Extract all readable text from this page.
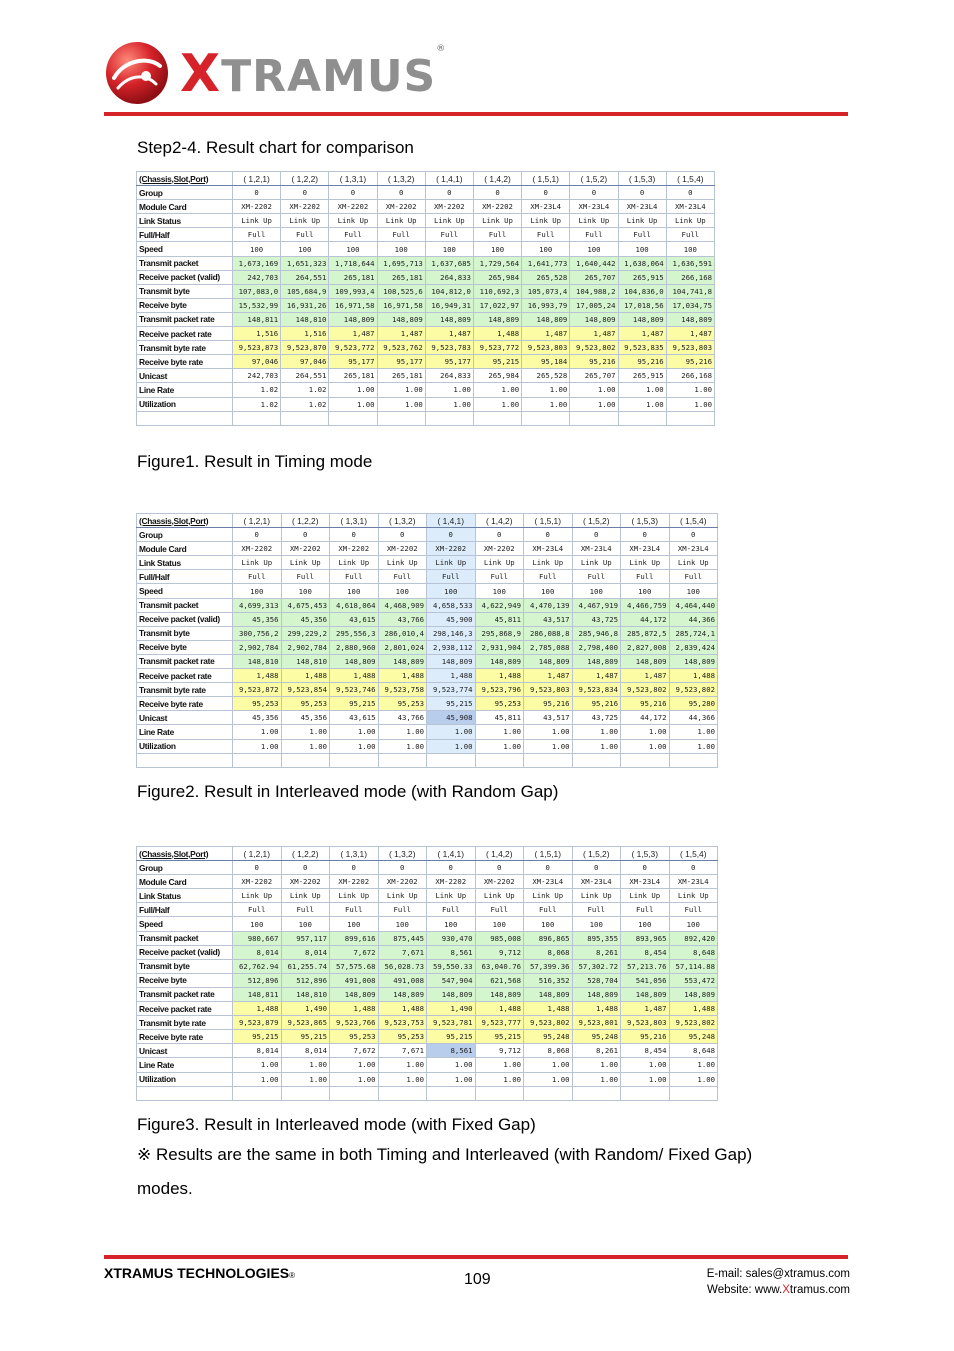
XTRAMUS®
Step2-4. Result chart for comparison
(Chassis,Slot,Port)	( 1,2,1)	( 1,2,2)	( 1,3,1)	( 1,3,2)	( 1,4,1)	( 1,4,2)	( 1,5,1)	( 1,5,2)	( 1,5,3)	( 1,5,4)
Group	0	0	0	0	0	0	0	0	0	0
Module Card	XM-2202	XM-2202	XM-2202	XM-2202	XM-2202	XM-2202	XM-23L4	XM-23L4	XM-23L4	XM-23L4
Link Status	Link Up	Link Up	Link Up	Link Up	Link Up	Link Up	Link Up	Link Up	Link Up	Link Up
Full/Half	Full	Full	Full	Full	Full	Full	Full	Full	Full	Full
Speed	100	100	100	100	100	100	100	100	100	100
Transmit packet	1,673,169	1,651,323	1,718,644	1,695,713	1,637,685	1,729,564	1,641,773	1,640,442	1,638,064	1,636,591
Receive packet (valid)	242,703	264,551	265,181	265,181	264,833	265,984	265,528	265,707	265,915	266,168
Transmit byte	107,083,0	105,684,9	109,993,4	108,525,6	104,812,0	110,692,3	105,073,4	104,988,2	104,836,0	104,741,8
Receive byte	15,532,99	16,931,26	16,971,58	16,971,58	16,949,31	17,022,97	16,993,79	17,005,24	17,018,56	17,034,75
Transmit packet rate	148,811	148,810	148,809	148,809	148,809	148,809	148,809	148,809	148,809	148,809
Receive packet rate	1,516	1,516	1,487	1,487	1,487	1,488	1,487	1,487	1,487	1,487
Transmit byte rate	9,523,873	9,523,870	9,523,772	9,523,762	9,523,783	9,523,772	9,523,803	9,523,802	9,523,835	9,523,803
Receive byte rate	97,046	97,046	95,177	95,177	95,177	95,215	95,184	95,216	95,216	95,216
Unicast	242,703	264,551	265,181	265,181	264,833	265,984	265,528	265,707	265,915	266,168
Line Rate	1.02	1.02	1.00	1.00	1.00	1.00	1.00	1.00	1.00	1.00
Utilization	1.02	1.02	1.00	1.00	1.00	1.00	1.00	1.00	1.00	1.00

Figure1. Result in Timing mode
(Chassis,Slot,Port)	( 1,2,1)	( 1,2,2)	( 1,3,1)	( 1,3,2)	( 1,4,1)	( 1,4,2)	( 1,5,1)	( 1,5,2)	( 1,5,3)	( 1,5,4)
Group	0	0	0	0	0	0	0	0	0	0
Module Card	XM-2202	XM-2202	XM-2202	XM-2202	XM-2202	XM-2202	XM-23L4	XM-23L4	XM-23L4	XM-23L4
Link Status	Link Up	Link Up	Link Up	Link Up	Link Up	Link Up	Link Up	Link Up	Link Up	Link Up
Full/Half	Full	Full	Full	Full	Full	Full	Full	Full	Full	Full
Speed	100	100	100	100	100	100	100	100	100	100
Transmit packet	4,699,313	4,675,453	4,618,064	4,468,909	4,658,533	4,622,949	4,470,139	4,467,919	4,466,759	4,464,440
Receive packet (valid)	45,356	45,356	43,615	43,766	45,900	45,811	43,517	43,725	44,172	44,366
Transmit byte	300,756,2	299,229,2	295,556,3	286,010,4	298,146,3	295,868,9	286,088,8	285,946,8	285,872,5	285,724,1
Receive byte	2,902,784	2,902,784	2,880,960	2,801,024	2,938,112	2,931,904	2,785,088	2,798,400	2,827,008	2,839,424
Transmit packet rate	148,810	148,810	148,809	148,809	148,809	148,809	148,809	148,809	148,809	148,809
Receive packet rate	1,488	1,488	1,488	1,488	1,488	1,488	1,487	1,487	1,487	1,488
Transmit byte rate	9,523,872	9,523,854	9,523,746	9,523,758	9,523,774	9,523,796	9,523,803	9,523,834	9,523,802	9,523,802
Receive byte rate	95,253	95,253	95,215	95,253	95,215	95,253	95,216	95,216	95,216	95,280
Unicast	45,356	45,356	43,615	43,766	45,908	45,811	43,517	43,725	44,172	44,366
Line Rate	1.00	1.00	1.00	1.00	1.00	1.00	1.00	1.00	1.00	1.00
Utilization	1.00	1.00	1.00	1.00	1.00	1.00	1.00	1.00	1.00	1.00

Figure2. Result in Interleaved mode (with Random Gap)
(Chassis,Slot,Port)	( 1,2,1)	( 1,2,2)	( 1,3,1)	( 1,3,2)	( 1,4,1)	( 1,4,2)	( 1,5,1)	( 1,5,2)	( 1,5,3)	( 1,5,4)
Group	0	0	0	0	0	0	0	0	0	0
Module Card	XM-2202	XM-2202	XM-2202	XM-2202	XM-2202	XM-2202	XM-23L4	XM-23L4	XM-23L4	XM-23L4
Link Status	Link Up	Link Up	Link Up	Link Up	Link Up	Link Up	Link Up	Link Up	Link Up	Link Up
Full/Half	Full	Full	Full	Full	Full	Full	Full	Full	Full	Full
Speed	100	100	100	100	100	100	100	100	100	100
Transmit packet	980,667	957,117	899,616	875,445	930,470	985,008	896,865	895,355	893,965	892,420
Receive packet (valid)	8,014	8,014	7,672	7,671	8,561	9,712	8,068	8,261	8,454	8,648
Transmit byte	62,762.94	61,255.74	57,575.68	56,028.73	59,550.33	63,040.76	57,399.36	57,302.72	57,213.76	57,114.88
Receive byte	512,896	512,896	491,008	491,008	547,904	621,568	516,352	528,704	541,056	553,472
Transmit packet rate	148,811	148,810	148,809	148,809	148,809	148,809	148,809	148,809	148,809	148,809
Receive packet rate	1,488	1,490	1,488	1,488	1,490	1,488	1,488	1,488	1,487	1,488
Transmit byte rate	9,523,879	9,523,865	9,523,766	9,523,753	9,523,781	9,523,777	9,523,802	9,523,801	9,523,803	9,523,802
Receive byte rate	95,215	95,215	95,253	95,253	95,215	95,215	95,248	95,248	95,216	95,248
Unicast	8,014	8,014	7,672	7,671	8,561	9,712	8,068	8,261	8,454	8,648
Line Rate	1.00	1.00	1.00	1.00	1.00	1.00	1.00	1.00	1.00	1.00
Utilization	1.00	1.00	1.00	1.00	1.00	1.00	1.00	1.00	1.00	1.00

Figure3. Result in Interleaved mode (with Fixed Gap)
※ Results are the same in both Timing and Interleaved (with Random/ Fixed Gap)
modes.
XTRAMUS TECHNOLOGIES®	109	E-mail: sales@xtramus.com
Website: www.Xtramus.com
